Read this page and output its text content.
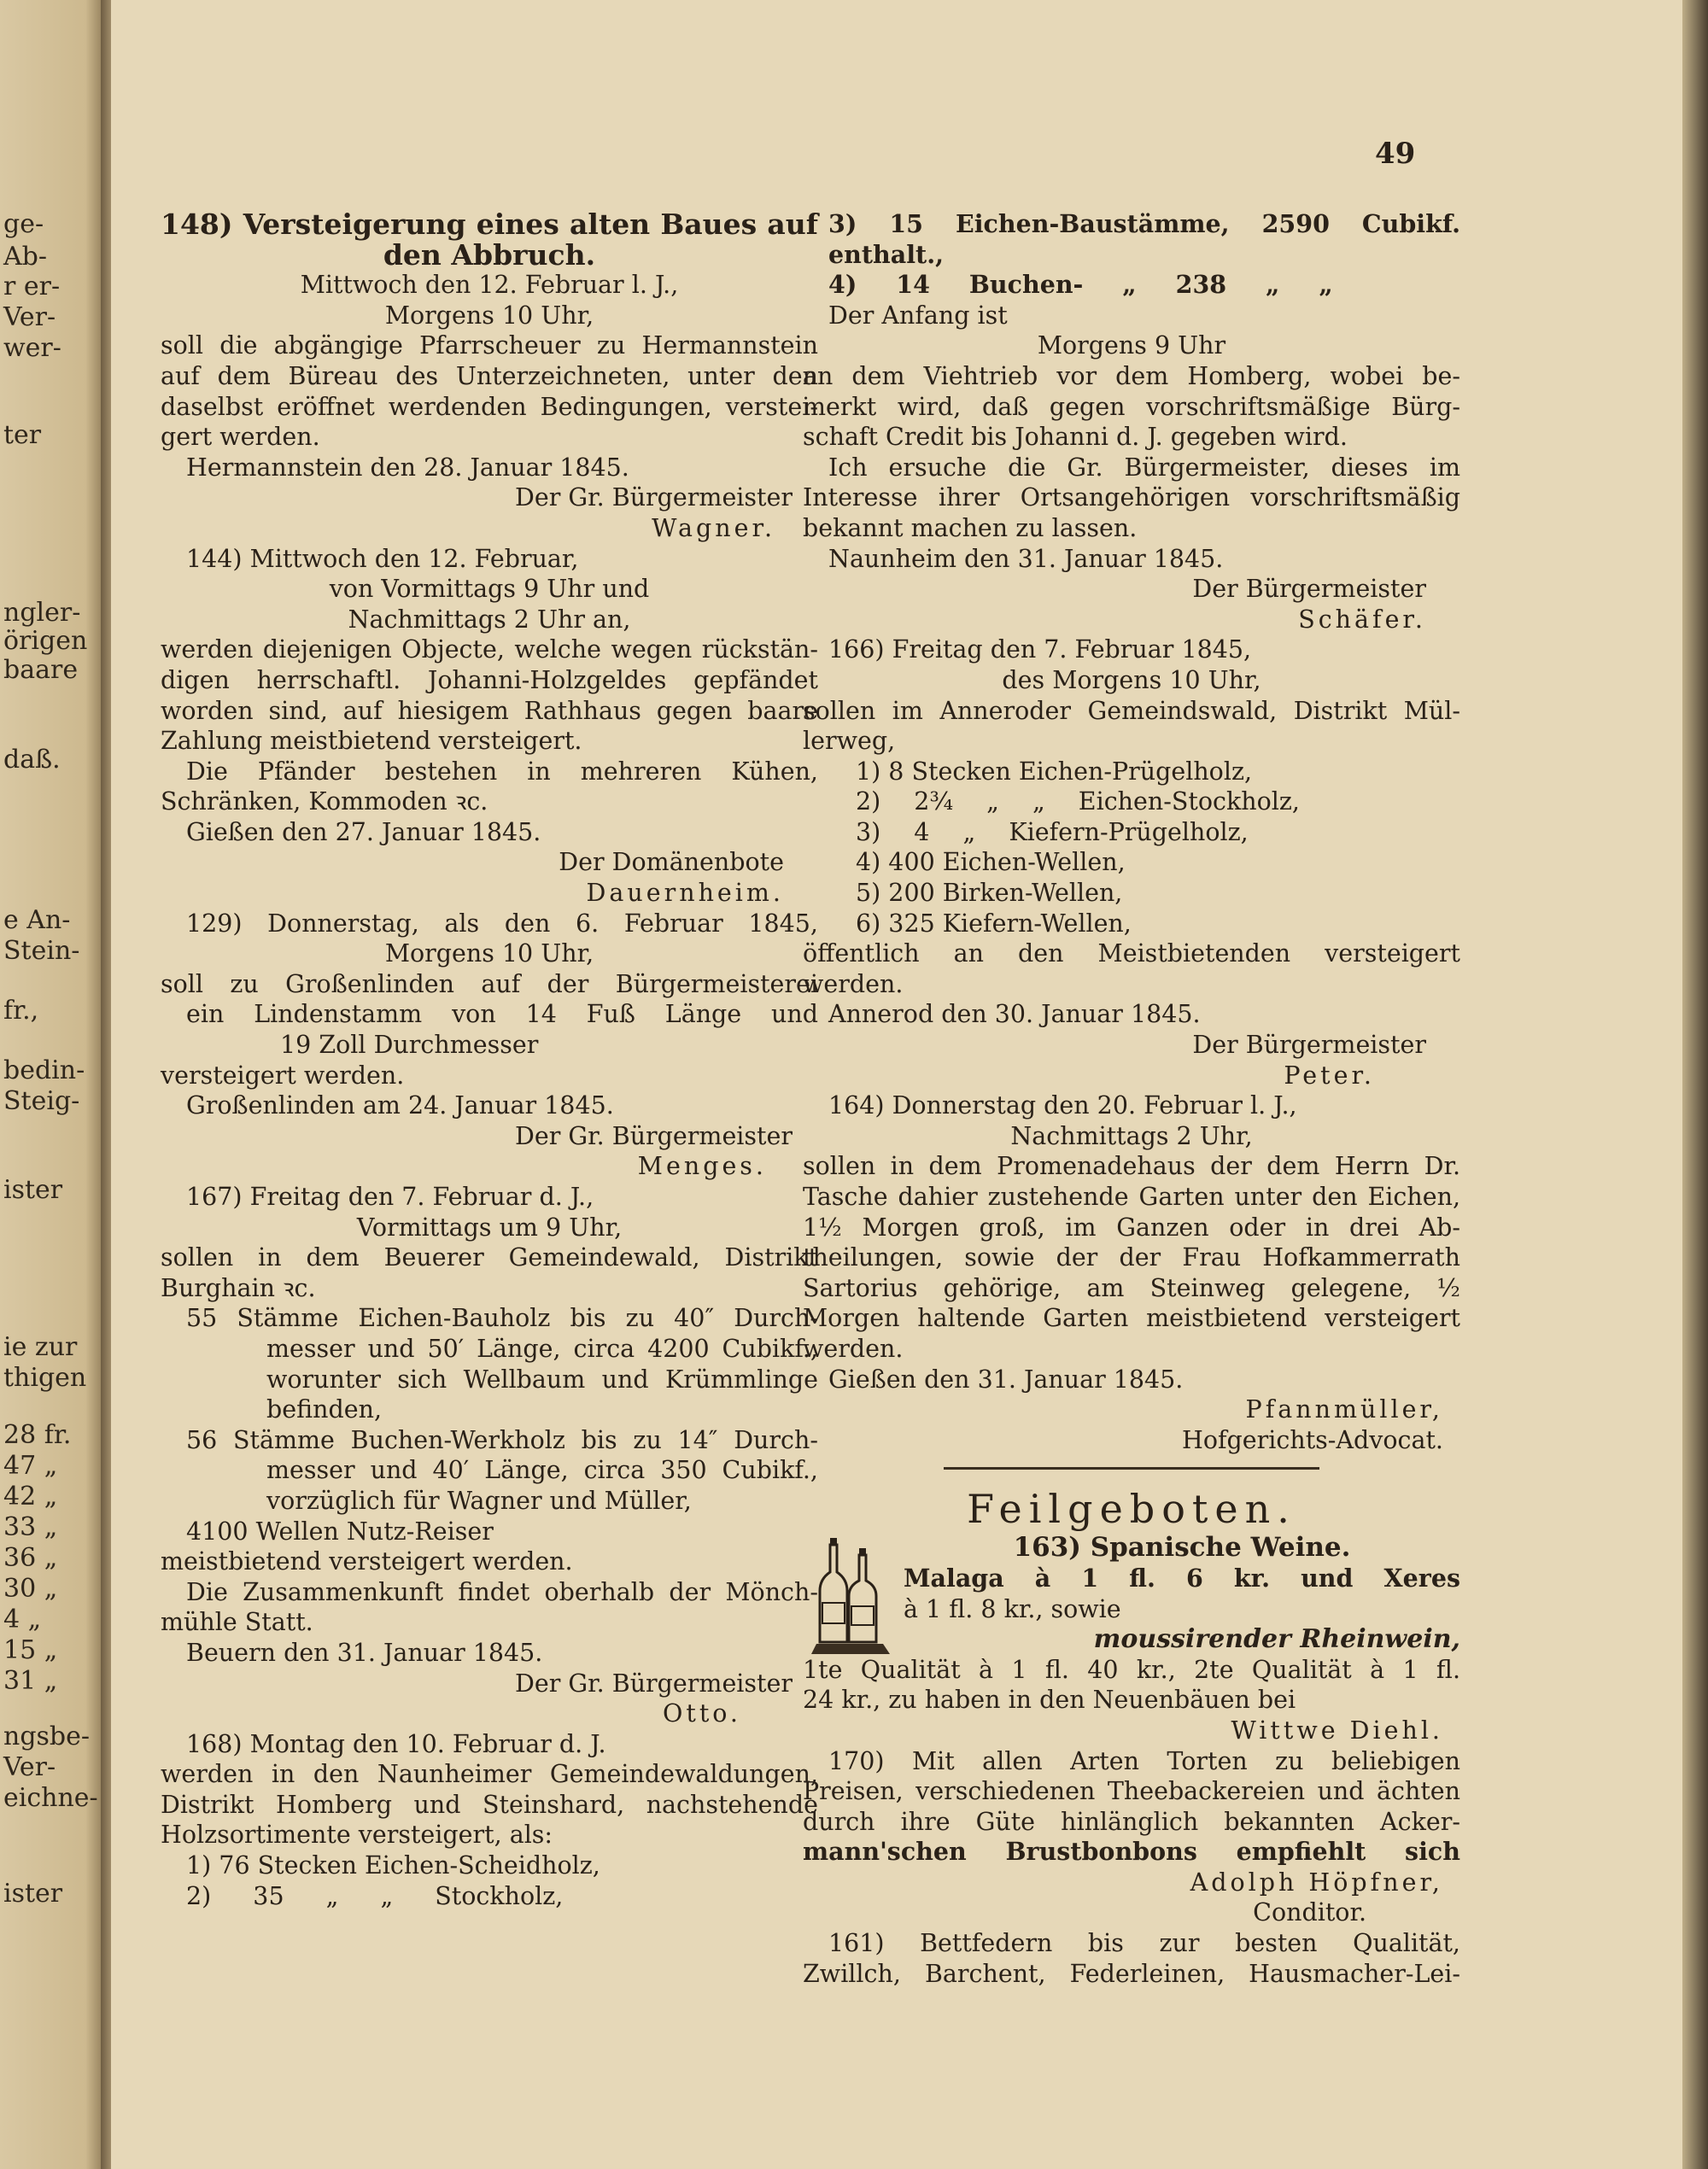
ge-
Ab-
r er-
Ver-
wer-
ter
ngler-
örigen
baare
daß.
e An-
Stein-
fr.,
bedin-
Steig-
ister
ie zur
thigen
28 fr.
47 „
42 „
33 „
36 „
30 „
4 „
15 „
31 „
ngsbe-
Ver-
eichne-
ister
49

148) Versteigerung eines alten Baues auf

den Abbruch.

Mittwoch den 12. Februar l. J.,

Morgens 10 Uhr,

soll die abgängige Pfarrscheuer zu Hermannstein

auf dem Büreau des Unterzeichneten, unter den

daselbst eröffnet werdenden Bedingungen, verstei-

gert werden.

Hermannstein den 28. Januar 1845.

Der Gr. Bürgermeister

Wagner.

144) Mittwoch den 12. Februar,

von Vormittags 9 Uhr und

Nachmittags 2 Uhr an,

werden diejenigen Objecte, welche wegen rückstän-

digen herrschaftl. Johanni-Holzgeldes gepfändet

worden sind, auf hiesigem Rathhaus gegen baare

Zahlung meistbietend versteigert.

Die Pfänder bestehen in mehreren Kühen,

Schränken, Kommoden ꝛc.

Gießen den 27. Januar 1845.

Der Domänenbote

Dauernheim.

129) Donnerstag, als den 6. Februar 1845,

Morgens 10 Uhr,

soll zu Großenlinden auf der Bürgermeisterei

ein Lindenstamm von 14 Fuß Länge und

19 Zoll Durchmesser

versteigert werden.

Großenlinden am 24. Januar 1845.

Der Gr. Bürgermeister

Menges.

167) Freitag den 7. Februar d. J.,

Vormittags um 9 Uhr,

sollen in dem Beuerer Gemeindewald, Distrikt

Burghain ꝛc.

55 Stämme Eichen-Bauholz bis zu 40″ Durch-

messer und 50′ Länge, circa 4200 Cubikf.,

worunter sich Wellbaum und Krümmlinge

befinden,

56 Stämme Buchen-Werkholz bis zu 14″ Durch-

messer und 40′ Länge, circa 350 Cubikf.,

vorzüglich für Wagner und Müller,

4100 Wellen Nutz-Reiser

meistbietend versteigert werden.

Die Zusammenkunft findet oberhalb der Mönch-

mühle Statt.

Beuern den 31. Januar 1845.

Der Gr. Bürgermeister

Otto.

168) Montag den 10. Februar d. J.

werden in den Naunheimer Gemeindewaldungen,

Distrikt Homberg und Steinshard, nachstehende

Holzsortimente versteigert, als:

1) 76 Stecken Eichen-Scheidholz,

2) 35 „ „ Stockholz,

3) 15 Eichen-Baustämme, 2590 Cubikf. enthalt.,

4) 14 Buchen- „ 238 „ „

Der Anfang ist

Morgens 9 Uhr

an dem Viehtrieb vor dem Homberg, wobei be-

merkt wird, daß gegen vorschriftsmäßige Bürg-

schaft Credit bis Johanni d. J. gegeben wird.

Ich ersuche die Gr. Bürgermeister, dieses im

Interesse ihrer Ortsangehörigen vorschriftsmäßig

bekannt machen zu lassen.

Naunheim den 31. Januar 1845.

Der Bürgermeister

Schäfer.

166) Freitag den 7. Februar 1845,

des Morgens 10 Uhr,

sollen im Anneroder Gemeindswald, Distrikt Mül-

lerweg,

1) 8 Stecken Eichen-Prügelholz,

2) 2¾ „ „ Eichen-Stockholz,

3) 4 „ Kiefern-Prügelholz,

4) 400 Eichen-Wellen,

5) 200 Birken-Wellen,

6) 325 Kiefern-Wellen,

öffentlich an den Meistbietenden versteigert werden.

Annerod den 30. Januar 1845.

Der Bürgermeister

Peter.

164) Donnerstag den 20. Februar l. J.,

Nachmittags 2 Uhr,

sollen in dem Promenadehaus der dem Herrn Dr.

Tasche dahier zustehende Garten unter den Eichen,

1½ Morgen groß, im Ganzen oder in drei Ab-

theilungen, sowie der der Frau Hofkammerrath

Sartorius gehörige, am Steinweg gelegene, ½

Morgen haltende Garten meistbietend versteigert

werden.

Gießen den 31. Januar 1845.

Pfannmüller,

Hofgerichts-Advocat.

Feilgeboten.

163) Spanische Weine.

Malaga à 1 fl. 6 kr. und Xeres

à 1 fl. 8 kr., sowie

moussirender Rheinwein,

1te Qualität à 1 fl. 40 kr., 2te Qualität à 1 fl.

24 kr., zu haben in den Neuenbäuen bei

Wittwe Diehl.

170) Mit allen Arten Torten zu beliebigen

Preisen, verschiedenen Theebackereien und ächten

durch ihre Güte hinlänglich bekannten Acker-

mann'schen Brustbonbons empfiehlt sich

Adolph Höpfner,

Conditor.

161) Bettfedern bis zur besten Qualität,

Zwillch, Barchent, Federleinen, Hausmacher-Lei-
